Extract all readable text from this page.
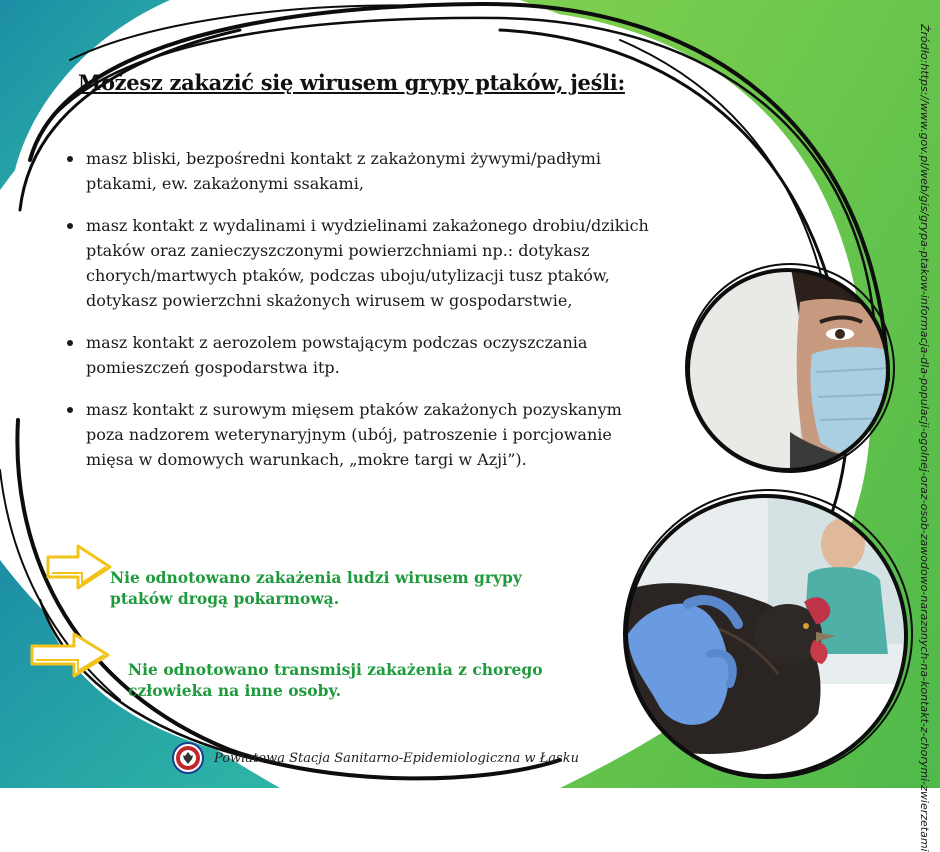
Możesz zakazić się wirusem grypy ptaków, jeśli:
masz bliski, bezpośredni kontakt z zakażonymi żywymi/padłymi ptakami, ew. zakażonymi ssakami,
masz kontakt z wydalinami i wydzielinami zakażonego drobiu/dzikich ptaków oraz zanieczyszczonymi powierzchniami np.: dotykasz chorych/martwych ptaków, podczas uboju/utylizacji tusz ptaków, dotykasz powierzchni skażonych wirusem w gospodarstwie,
masz kontakt z aerozolem powstającym podczas oczyszczania pomieszczeń gospodarstwa itp.
masz kontakt z surowym mięsem ptaków zakażonych pozyskanym poza nadzorem weterynaryjnym (ubój, patroszenie i porcjowanie mięsa w domowych warunkach, „mokre targi w Azji”).

Nie odnotowano zakażenia ludzi wirusem grypy ptaków drogą pokarmową.

Nie odnotowano transmisji zakażenia z chorego człowieka na inne osoby.

Powiatowa Stacja Sanitarno-Epidemiologiczna w Łasku	Źródło:https://www.gov.pl/web/gis/grypa-ptakow-informacja-dla-populacji-ogolnej-oraz-osob-zawodowo-narazonych-na-kontakt-z-chorymi-zwierzetami
